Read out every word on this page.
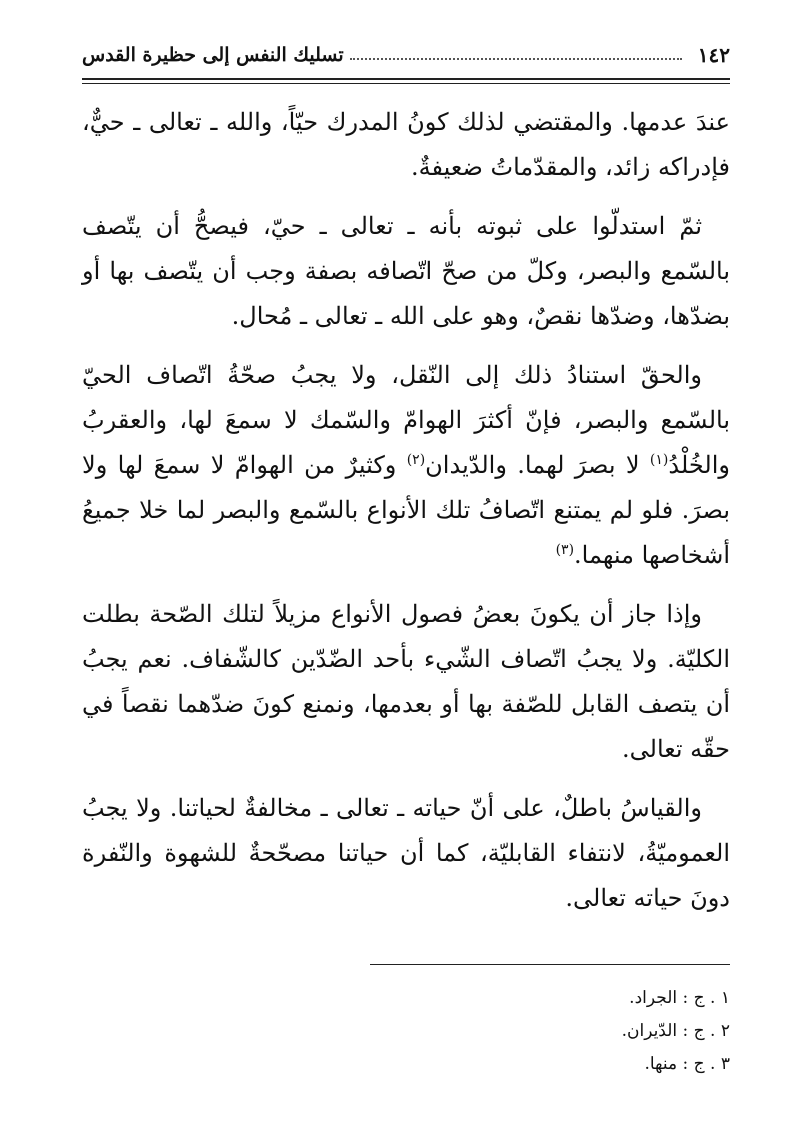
١٤٢
تسليك النفس إلى حظيرة القدس

عندَ عدمها. والمقتضي لذلك كونُ المدرك حيّاً، والله ـ تعالى ـ حيٌّ، فإدراكه زائد، والمقدّماتُ ضعيفةٌ.

ثمّ استدلّوا على ثبوته بأنه ـ تعالى ـ حيّ، فيصحُّ أن يتّصف بالسّمع والبصر، وكلّ من صحّ اتّصافه بصفة وجب أن يتّصف بها أو بضدّها، وضدّها نقصٌ، وهو على الله ـ تعالى ـ مُحال.

والحقّ استنادُ ذلك إلى النّقل، ولا يجبُ صحّةُ اتّصاف الحيّ بالسّمع والبصر، فإنّ أكثرَ الهوامّ والسّمك لا سمعَ لها، والعقربُ والخُلْدُ$^{(١)}$ لا بصرَ لهما. والدّيدان$^{(٢)}$ وكثيرٌ من الهوامّ لا سمعَ لها ولا بصرَ. فلو لم يمتنع اتّصافُ تلك الأنواع بالسّمع والبصر لما خلا جميعُ أشخاصها منهما.$^{(٣)}$

وإذا جاز أن يكونَ بعضُ فصول الأنواع مزيلاً لتلك الصّحة بطلت الكليّة. ولا يجبُ اتّصاف الشّيء بأحد الضّدّين كالشّفاف. نعم يجبُ أن يتصف القابل للصّفة بها أو بعدمها، ونمنع كونَ ضدّهما نقصاً في حقّه تعالى.

والقياسُ باطلٌ، على أنّ حياته ـ تعالى ـ مخالفةٌ لحياتنا. ولا يجبُ العموميّةُ، لانتفاء القابليّة، كما أن حياتنا مصحّحةٌ للشهوة والنّفرة دونَ حياته تعالى.

١ . ج : الجراد.

٢ . ج : الدّيران.

٣ . ج : منها.
